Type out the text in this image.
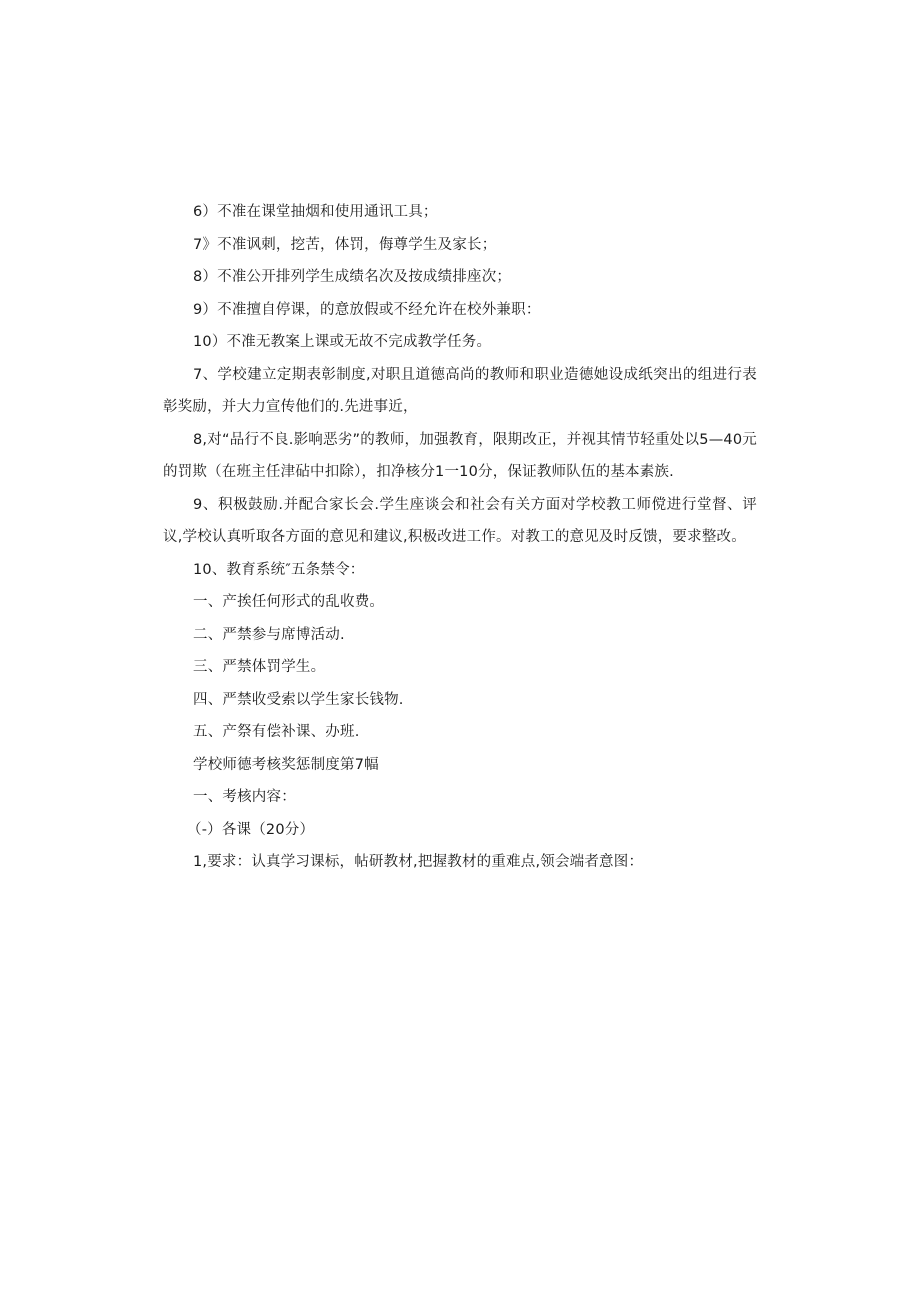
6）不准在课堂抽烟和使用通讯工具；

7》不准讽刺，挖苦，体罚，侮尊学生及家长；

8）不准公开排列学生成绩名次及按成绩排座次；

9）不准擅自停课，的意放假或不经允许在校外兼职：

10）不准无教案上课或无故不完成教学任务。

7、学校建立定期表彰制度,对职且道德高尚的教师和职业造德她设成纸突出的组进行表彰奖励，并大力宣传他们的.先进事近，

8,对“品行不良.影响恶劣”的教师，加强教育，限期改正，并视其情节轻重处以5—40元的罚欺（在班主任津砧中扣除），扣净核分1一10分，保证教师队伍的基本素族.

9、积极鼓励.并配合家长会.学生座谈会和社会有关方面对学校教工师傥进行堂督、评议,学校认真听取各方面的意见和建议,积极改进工作。对教工的意见及时反馈，要求整改。

10、教育系统″五条禁令：

一、产挨任何形式的乱收费。

二、严禁参与席博活动.

三、严禁体罚学生。

四、严禁收受索以学生家长钱物.

五、产祭有偿补课、办班.

学校师德考核奖惩制度第7幅

一、考核内容：

（-）各课（20分）

1,要求：认真学习课标，帖研教材,把握教材的重难点,领会端者意图：
